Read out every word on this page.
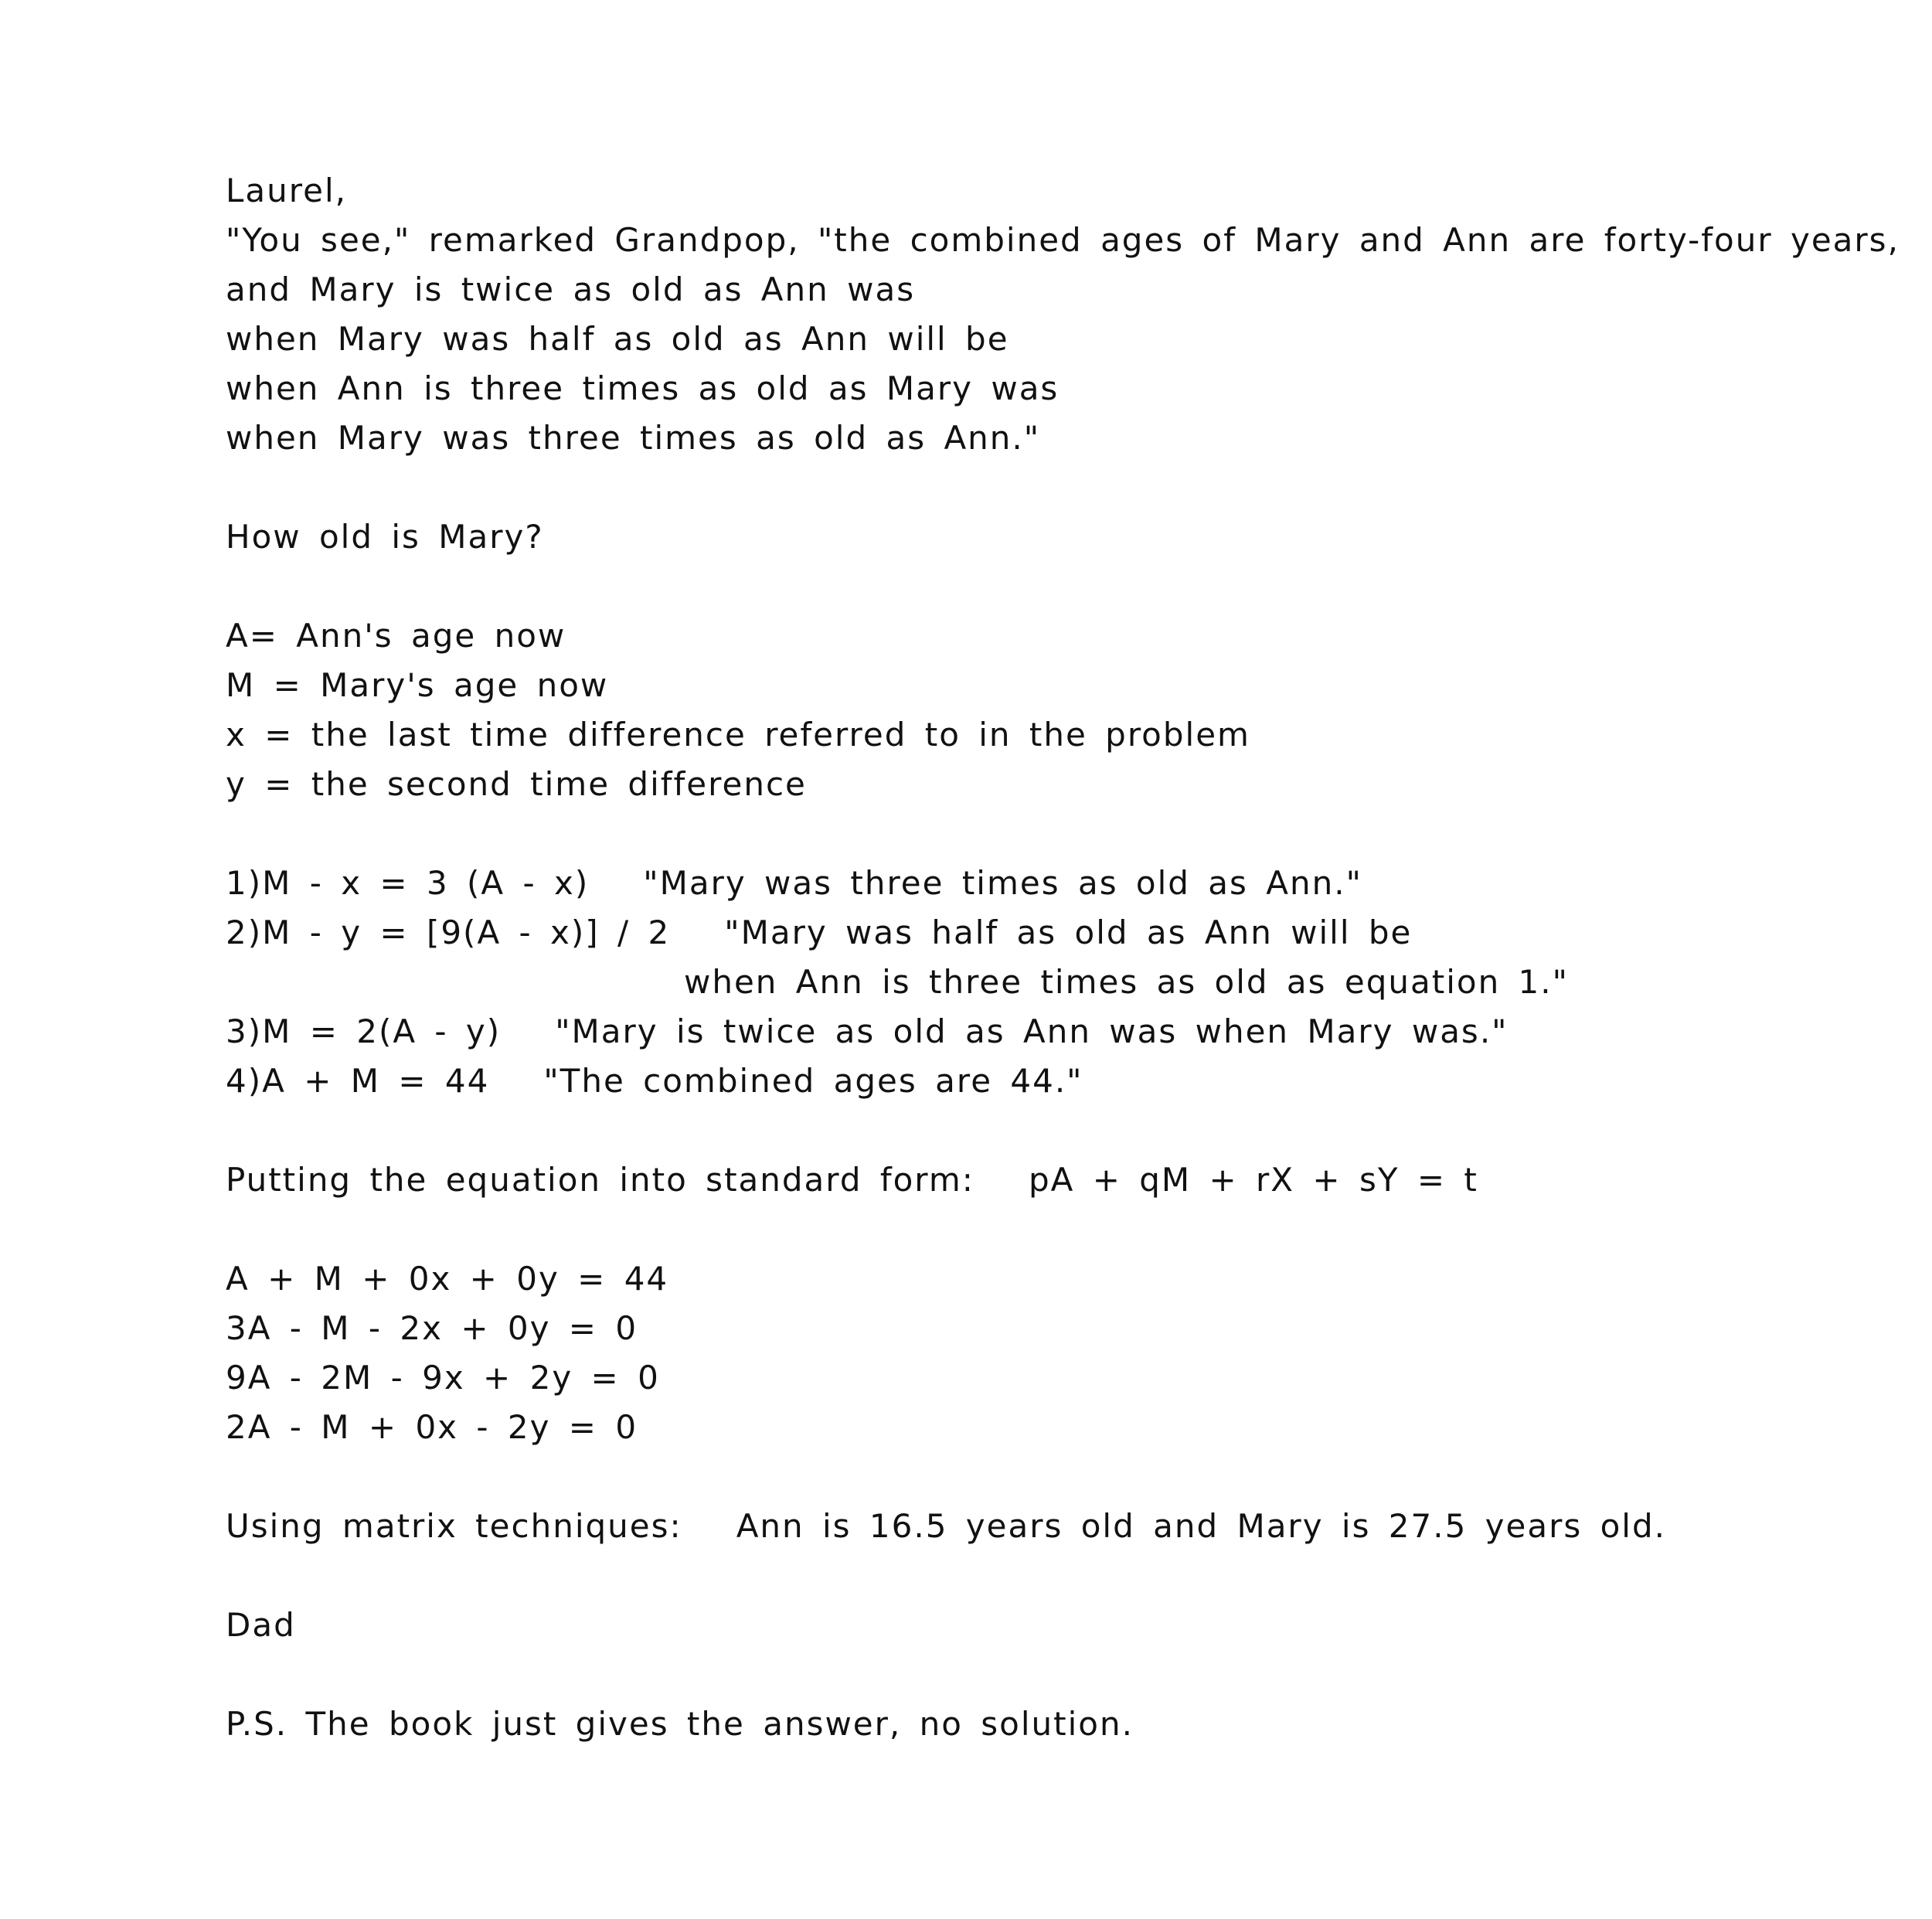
Laurel,
"You see," remarked Grandpop, "the combined ages of Mary and Ann are forty-four years,
and Mary is twice as old as Ann was
when Mary was half as old as Ann will be
when Ann is three times as old as Mary was
when Mary was three times as old as Ann."
How old is Mary?
A= Ann's age now
M = Mary's age now
x = the last time difference referred to in the problem
y = the second time difference
1)M - x = 3 (A - x)   "Mary was three times as old as Ann."
2)M - y = [9(A - x)] / 2   "Mary was half as old as Ann will be
when Ann is three times as old as equation 1."
3)M = 2(A - y)   "Mary is twice as old as Ann was when Mary was."
4)A + M = 44   "The combined ages are 44."
Putting the equation into standard form:   pA + qM + rX + sY = t
A + M + 0x + 0y = 44
3A - M - 2x + 0y = 0
9A - 2M - 9x + 2y = 0
2A - M + 0x - 2y = 0
Using matrix techniques:   Ann is 16.5 years old and Mary is 27.5 years old.
Dad
P.S. The book just gives the answer, no solution.
